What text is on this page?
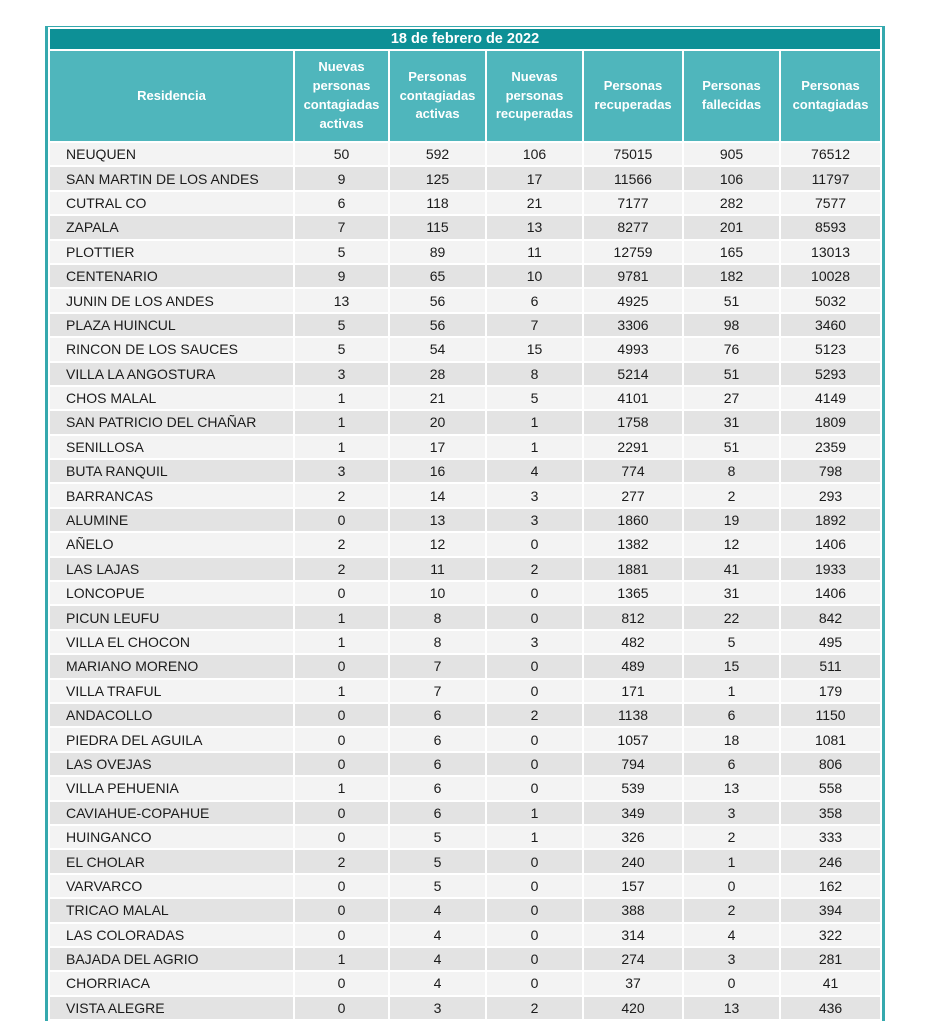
18 de febrero de 2022						
Residencia	Nuevas personas contagiadas activas	Personas contagiadas activas	Nuevas personas recuperadas	Personas recuperadas	Personas fallecidas	Personas contagiadas
NEUQUEN	50	592	106	75015	905	76512
SAN MARTIN DE LOS ANDES	9	125	17	11566	106	11797
CUTRAL CO	6	118	21	7177	282	7577
ZAPALA	7	115	13	8277	201	8593
PLOTTIER	5	89	11	12759	165	13013
CENTENARIO	9	65	10	9781	182	10028
JUNIN DE LOS ANDES	13	56	6	4925	51	5032
PLAZA HUINCUL	5	56	7	3306	98	3460
RINCON DE LOS SAUCES	5	54	15	4993	76	5123
VILLA LA ANGOSTURA	3	28	8	5214	51	5293
CHOS MALAL	1	21	5	4101	27	4149
SAN PATRICIO DEL CHAÑAR	1	20	1	1758	31	1809
SENILLOSA	1	17	1	2291	51	2359
BUTA RANQUIL	3	16	4	774	8	798
BARRANCAS	2	14	3	277	2	293
ALUMINE	0	13	3	1860	19	1892
AÑELO	2	12	0	1382	12	1406
LAS LAJAS	2	11	2	1881	41	1933
LONCOPUE	0	10	0	1365	31	1406
PICUN LEUFU	1	8	0	812	22	842
VILLA EL CHOCON	1	8	3	482	5	495
MARIANO MORENO	0	7	0	489	15	511
VILLA TRAFUL	1	7	0	171	1	179
ANDACOLLO	0	6	2	1138	6	1150
PIEDRA DEL AGUILA	0	6	0	1057	18	1081
LAS OVEJAS	0	6	0	794	6	806
VILLA PEHUENIA	1	6	0	539	13	558
CAVIAHUE-COPAHUE	0	6	1	349	3	358
HUINGANCO	0	5	1	326	2	333
EL CHOLAR	2	5	0	240	1	246
VARVARCO	0	5	0	157	0	162
TRICAO MALAL	0	4	0	388	2	394
LAS COLORADAS	0	4	0	314	4	322
BAJADA DEL AGRIO	1	4	0	274	3	281
CHORRIACA	0	4	0	37	0	41
VISTA ALEGRE	0	3	2	420	13	436
